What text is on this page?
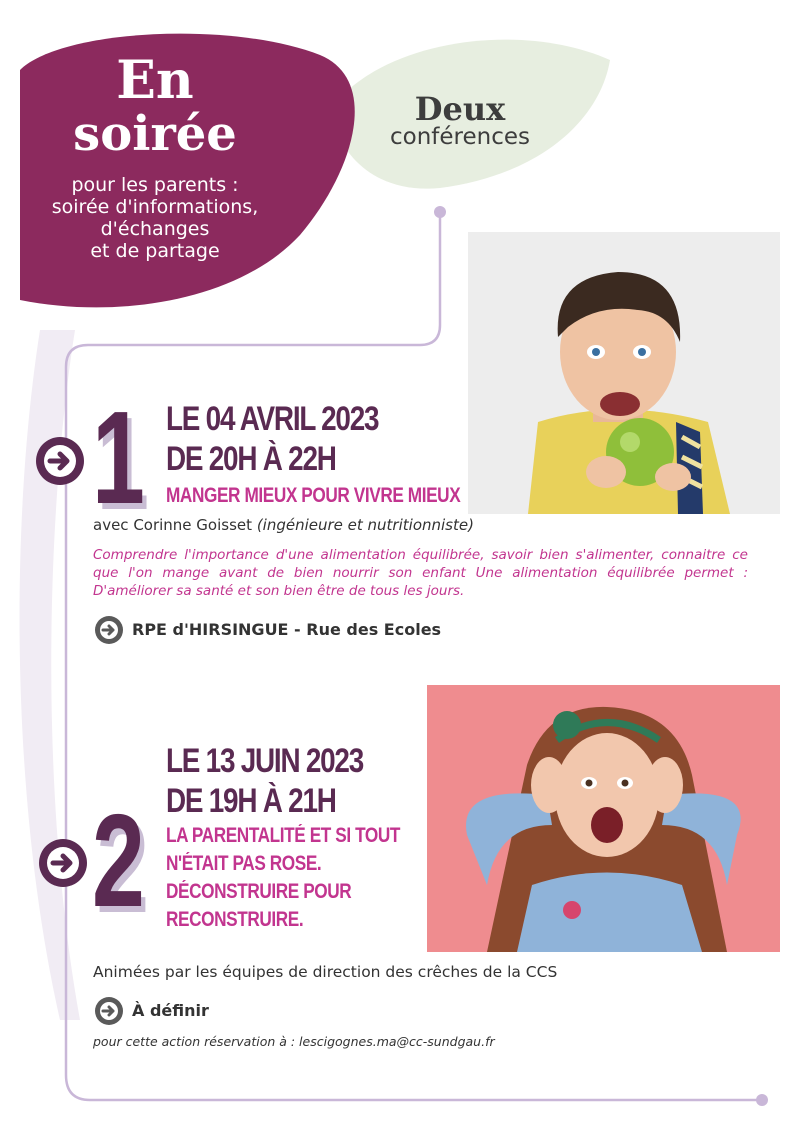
En
soirée
pour les parents :
soirée d'informations,
d'échanges
et de partage
Deux
conférences
1 LE 04 AVRIL 2023
DE 20H À 22H
MANGER MIEUX POUR VIVRE MIEUX
avec Corinne Goisset (ingénieure et nutritionniste)
Comprendre l'importance d'une alimentation équilibrée, savoir bien s'alimenter, connaitre ce que l'on mange avant de bien nourrir son enfant Une alimentation équilibrée permet : D'améliorer sa santé et son bien être de tous les jours.
RPE d'HIRSINGUE - Rue des Ecoles
LE 13 JUIN 2023
DE 19H À 21H
2 LA PARENTALITÉ ET SI TOUT
N'ÉTAIT PAS ROSE.
DÉCONSTRUIRE POUR
RECONSTRUIRE.
Animées par les équipes de direction des crêches de la CCS
À définir
pour cette action réservation à : lescigognes.ma@cc-sundgau.fr
